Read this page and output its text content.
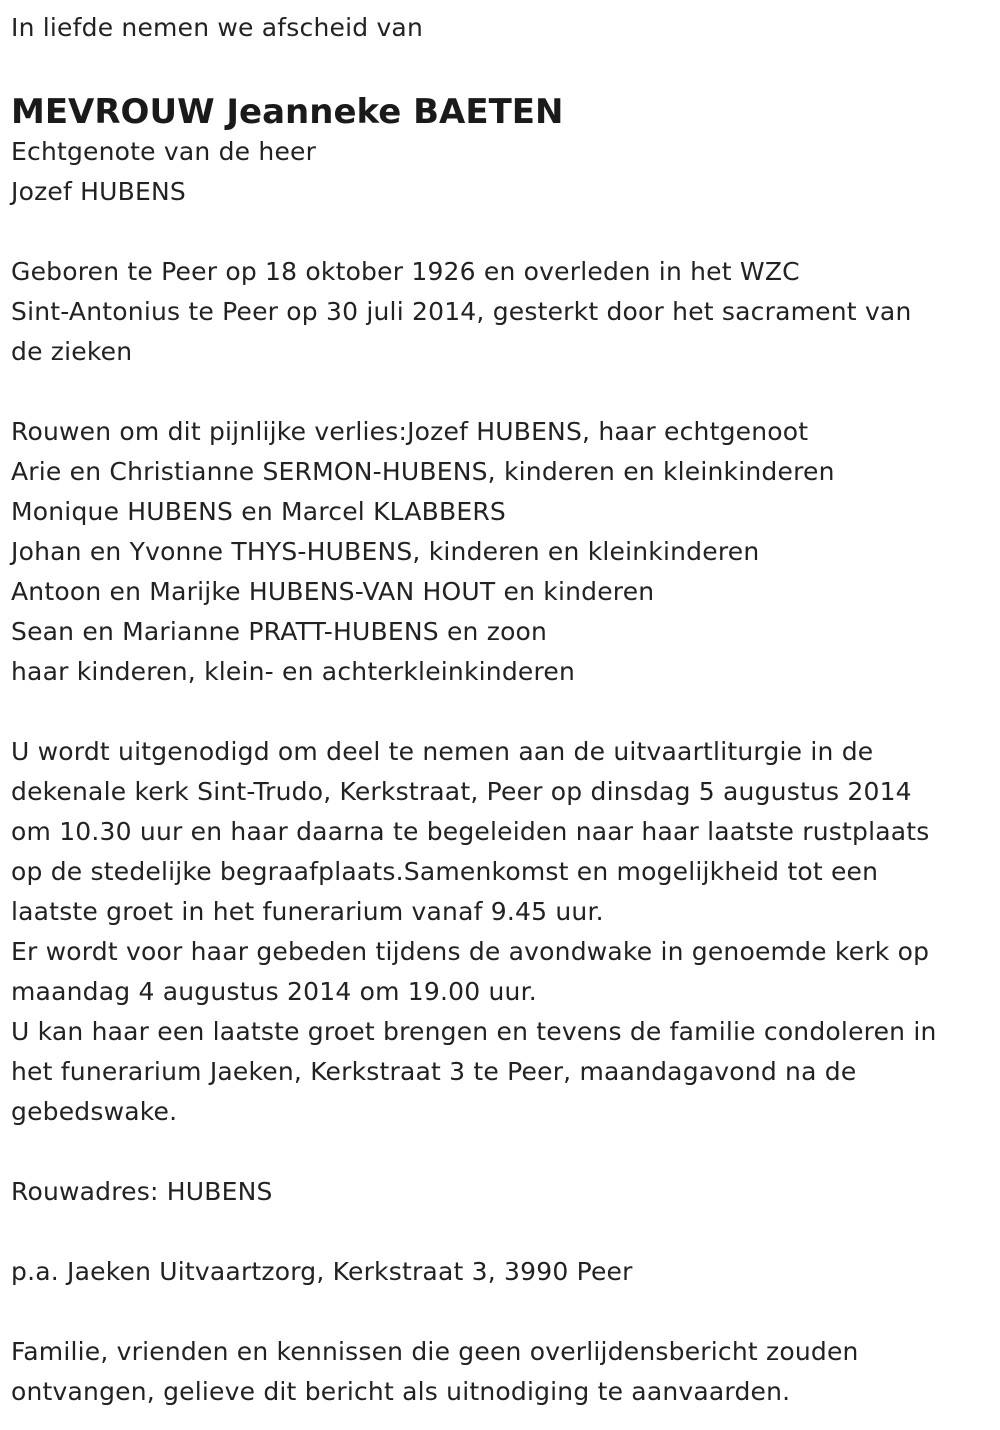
In liefde nemen we afscheid van

MEVROUW Jeanneke BAETEN

Echtgenote van de heer

Jozef HUBENS

Geboren te Peer op 18 oktober 1926 en overleden in het WZC

Sint-Antonius te Peer op 30 juli 2014, gesterkt door het sacrament van

de zieken

Rouwen om dit pijnlijke verlies:Jozef HUBENS, haar echtgenoot

Arie en Christianne SERMON-HUBENS, kinderen en kleinkinderen

Monique HUBENS en Marcel KLABBERS

Johan en Yvonne THYS-HUBENS, kinderen en kleinkinderen

Antoon en Marijke HUBENS-VAN HOUT en kinderen

Sean en Marianne PRATT-HUBENS en zoon

haar kinderen, klein- en achterkleinkinderen

U wordt uitgenodigd om deel te nemen aan de uitvaartliturgie in de

dekenale kerk Sint-Trudo, Kerkstraat, Peer op dinsdag 5 augustus 2014

om 10.30 uur en haar daarna te begeleiden naar haar laatste rustplaats

op de stedelijke begraafplaats.Samenkomst en mogelijkheid tot een

laatste groet in het funerarium vanaf 9.45 uur.

Er wordt voor haar gebeden tijdens de avondwake in genoemde kerk op

maandag 4 augustus 2014 om 19.00 uur.

U kan haar een laatste groet brengen en tevens de familie condoleren in

het funerarium Jaeken, Kerkstraat 3 te Peer, maandagavond na de

gebedswake.

Rouwadres: HUBENS

p.a. Jaeken Uitvaartzorg, Kerkstraat 3, 3990 Peer

Familie, vrienden en kennissen die geen overlijdensbericht zouden

ontvangen, gelieve dit bericht als uitnodiging te aanvaarden.
